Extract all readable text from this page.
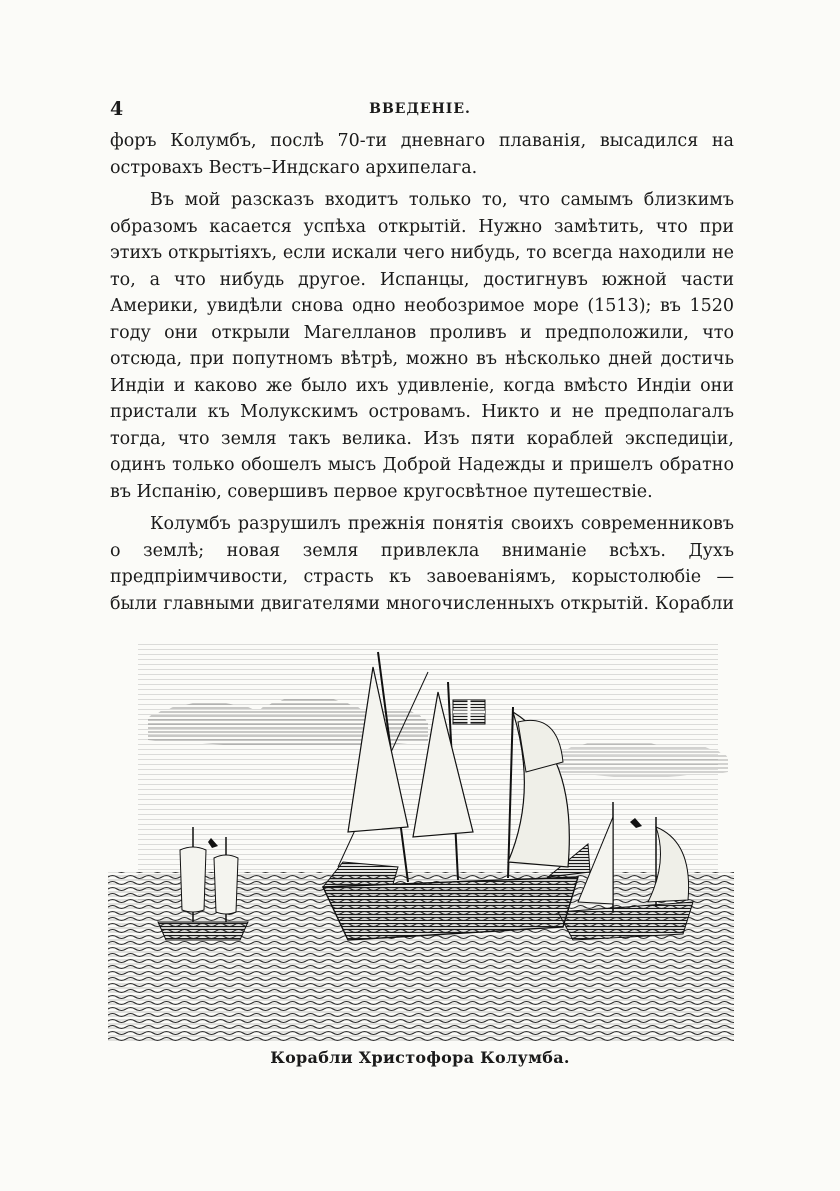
4	ВВЕДЕНIЕ.

форъ Колумбъ, послѣ 70-ти дневнаго плаванія, высадился на островахъ Вестъ–Индскаго архипелага.

Въ мой разсказъ входитъ только то, что самымъ близкимъ образомъ касается успѣха открытій. Нужно замѣтить, что при этихъ открытіяхъ, если искали чего нибудь, то всегда находили не то, а что нибудь другое. Испанцы, достигнувъ южной части Америки, увидѣли снова одно необозримое море (1513); въ 1520 году они открыли Магелланов проливъ и предположили, что отсюда, при попутномъ вѣтрѣ, можно въ нѣсколько дней достичь Индіи и каково же было ихъ удивленіе, когда вмѣсто Индіи они пристали къ Молукскимъ островамъ. Никто и не предполагалъ тогда, что земля такъ велика. Изъ пяти кораблей экспедиціи, одинъ только обошелъ мысъ Доброй Надежды и пришелъ обратно въ Испанію, совершивъ первое кругосвѣтное путешествіе.

Колумбъ разрушилъ прежнія понятія своихъ современниковъ о землѣ; новая земля привлекла вниманіе всѣхъ. Духъ предпріимчивости, страсть къ завоеваніямъ, корыстолюбіе — были главными двигателями многочисленныхъ открытій. Корабли

Корабли Христофора Колумба.
